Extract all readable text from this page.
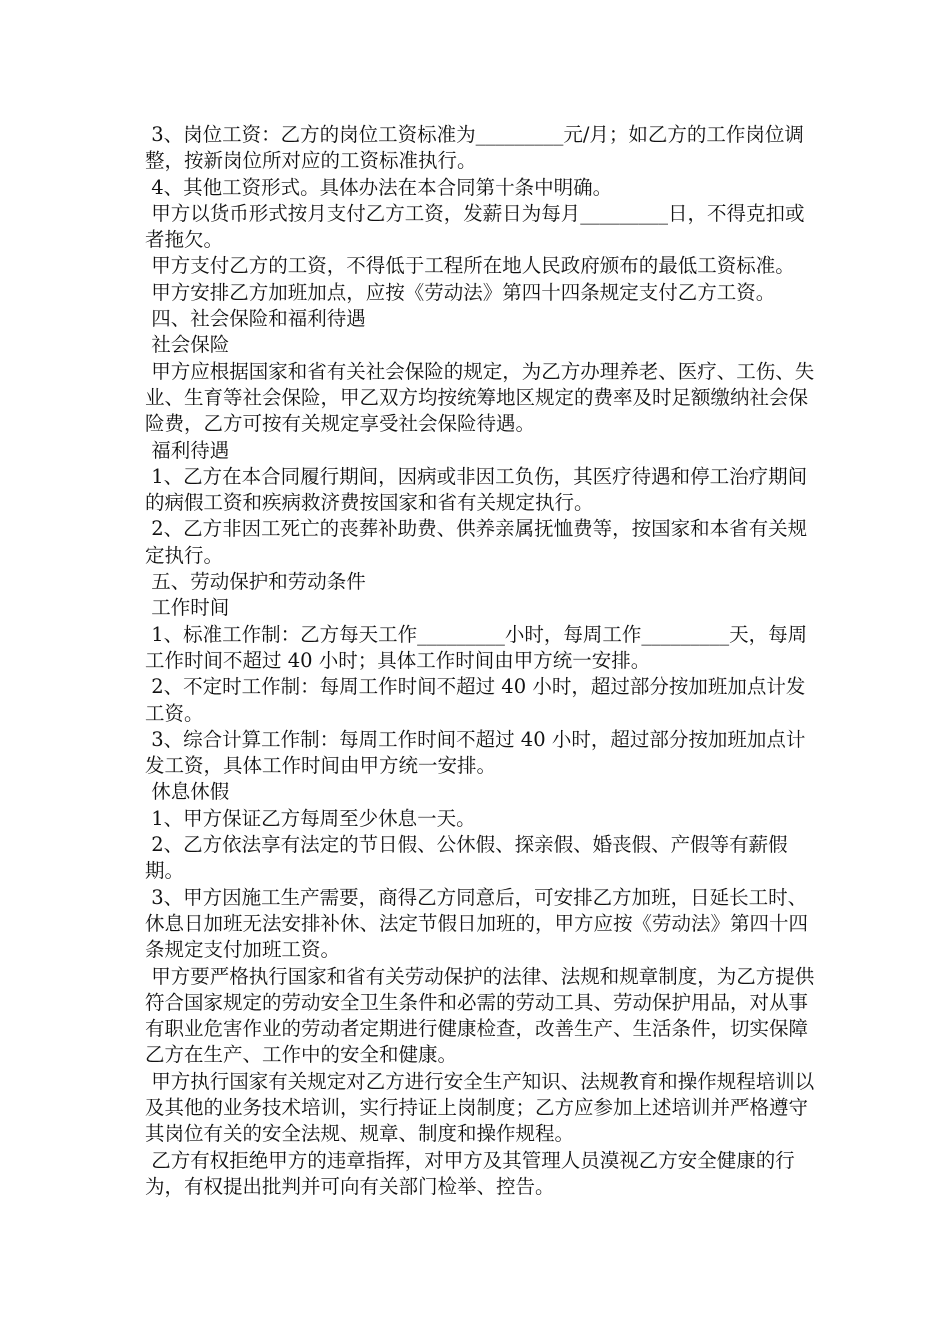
3、岗位工资：乙方的岗位工资标准为_________元/月；如乙方的工作岗位调整，按新岗位所对应的工资标准执行。

4、其他工资形式。具体办法在本合同第十条中明确。

甲方以货币形式按月支付乙方工资，发薪日为每月_________日，不得克扣或者拖欠。

甲方支付乙方的工资，不得低于工程所在地人民政府颁布的最低工资标准。

甲方安排乙方加班加点，应按《劳动法》第四十四条规定支付乙方工资。

四、社会保险和福利待遇

社会保险

甲方应根据国家和省有关社会保险的规定，为乙方办理养老、医疗、工伤、失业、生育等社会保险，甲乙双方均按统筹地区规定的费率及时足额缴纳社会保险费，乙方可按有关规定享受社会保险待遇。

福利待遇

1、乙方在本合同履行期间，因病或非因工负伤，其医疗待遇和停工治疗期间的病假工资和疾病救济费按国家和省有关规定执行。

2、乙方非因工死亡的丧葬补助费、供养亲属抚恤费等，按国家和本省有关规定执行。

五、劳动保护和劳动条件

工作时间

1、标准工作制：乙方每天工作_________小时，每周工作_________天，每周工作时间不超过 40 小时；具体工作时间由甲方统一安排。

2、不定时工作制：每周工作时间不超过 40 小时，超过部分按加班加点计发工资。

3、综合计算工作制：每周工作时间不超过 40 小时，超过部分按加班加点计发工资，具体工作时间由甲方统一安排。

休息休假

1、甲方保证乙方每周至少休息一天。

2、乙方依法享有法定的节日假、公休假、探亲假、婚丧假、产假等有薪假期。

3、甲方因施工生产需要，商得乙方同意后，可安排乙方加班，日延长工时、休息日加班无法安排补休、法定节假日加班的，甲方应按《劳动法》第四十四条规定支付加班工资。

甲方要严格执行国家和省有关劳动保护的法律、法规和规章制度，为乙方提供符合国家规定的劳动安全卫生条件和必需的劳动工具、劳动保护用品，对从事有职业危害作业的劳动者定期进行健康检查，改善生产、生活条件，切实保障乙方在生产、工作中的安全和健康。

甲方执行国家有关规定对乙方进行安全生产知识、法规教育和操作规程培训以及其他的业务技术培训，实行持证上岗制度；乙方应参加上述培训并严格遵守其岗位有关的安全法规、规章、制度和操作规程。

乙方有权拒绝甲方的违章指挥，对甲方及其管理人员漠视乙方安全健康的行为，有权提出批判并可向有关部门检举、控告。
